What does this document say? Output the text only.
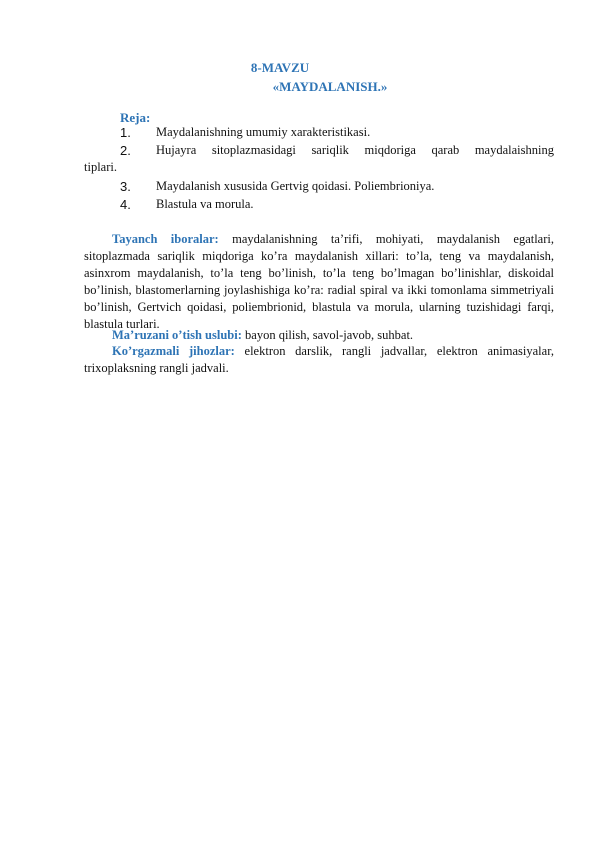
8-MAVZU
«MAYDALANISH.»
Reja:
1.	Maydalanishning umumiy xarakteristikasi.
2.	Hujayra sitoplazmasidagi sariqlik miqdoriga qarab maydalaishning
tiplari.
3.	Maydalanish xususida Gertvig qoidasi. Poliembrioniya.
4.	Blastula va morula.
Tayanch iboralar: maydalanishning ta’rifi, mohiyati, maydalanish egatlari, sitoplazmada sariqlik miqdoriga ko’ra maydalanish xillari: to’la, teng va maydalanish, asinxrom maydalanish, to’la teng bo’linish, to’la teng bo’lmagan bo’linishlar, diskoidal bo’linish, blastomerlarning joylashishiga ko’ra: radial spiral va ikki tomonlama simmetriyali bo’linish, Gertvich qoidasi, poliembrionid, blastula va morula, ularning tuzishidagi farqi, blastula turlari.
Ma’ruzani o’tish uslubi: bayon qilish, savol-javob, suhbat.
Ko’rgazmali jihozlar: elektron darslik, rangli jadvallar, elektron animasiyalar, trixoplaksning rangli jadvali.
